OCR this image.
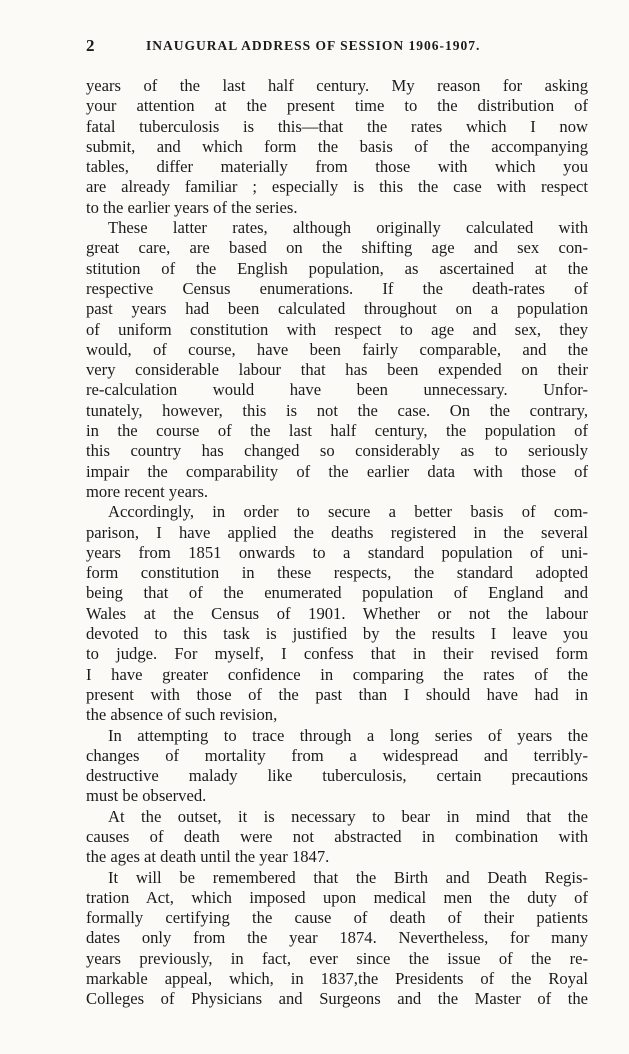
2	INAUGURAL ADDRESS OF SESSION 1906-1907.
years of the last half century. My reason for asking
your attention at the present time to the distribution of
fatal tuberculosis is this—that the rates which I now
submit, and which form the basis of the accompanying
tables, differ materially from those with which you
are already familiar ; especially is this the case with respect
to the earlier years of the series.
These latter rates, although originally calculated with
great care, are based on the shifting age and sex con-
stitution of the English population, as ascertained at the
respective Census enumerations. If the death-rates of
past years had been calculated throughout on a population
of uniform constitution with respect to age and sex, they
would, of course, have been fairly comparable, and the
very considerable labour that has been expended on their
re-calculation would have been unnecessary. Unfor-
tunately, however, this is not the case. On the contrary,
in the course of the last half century, the population of
this country has changed so considerably as to seriously
impair the comparability of the earlier data with those of
more recent years.
Accordingly, in order to secure a better basis of com-
parison, I have applied the deaths registered in the several
years from 1851 onwards to a standard population of uni-
form constitution in these respects, the standard adopted
being that of the enumerated population of England and
Wales at the Census of 1901. Whether or not the labour
devoted to this task is justified by the results I leave you
to judge. For myself, I confess that in their revised form
I have greater confidence in comparing the rates of the
present with those of the past than I should have had in
the absence of such revision,
In attempting to trace through a long series of years the
changes of mortality from a widespread and terribly-
destructive malady like tuberculosis, certain precautions
must be observed.
At the outset, it is necessary to bear in mind that the
causes of death were not abstracted in combination with
the ages at death until the year 1847.
It will be remembered that the Birth and Death Regis-
tration Act, which imposed upon medical men the duty of
formally certifying the cause of death of their patients
dates only from the year 1874. Nevertheless, for many
years previously, in fact, ever since the issue of the re-
markable appeal, which, in 1837,the Presidents of the Royal
Colleges of Physicians and Surgeons and the Master of the
